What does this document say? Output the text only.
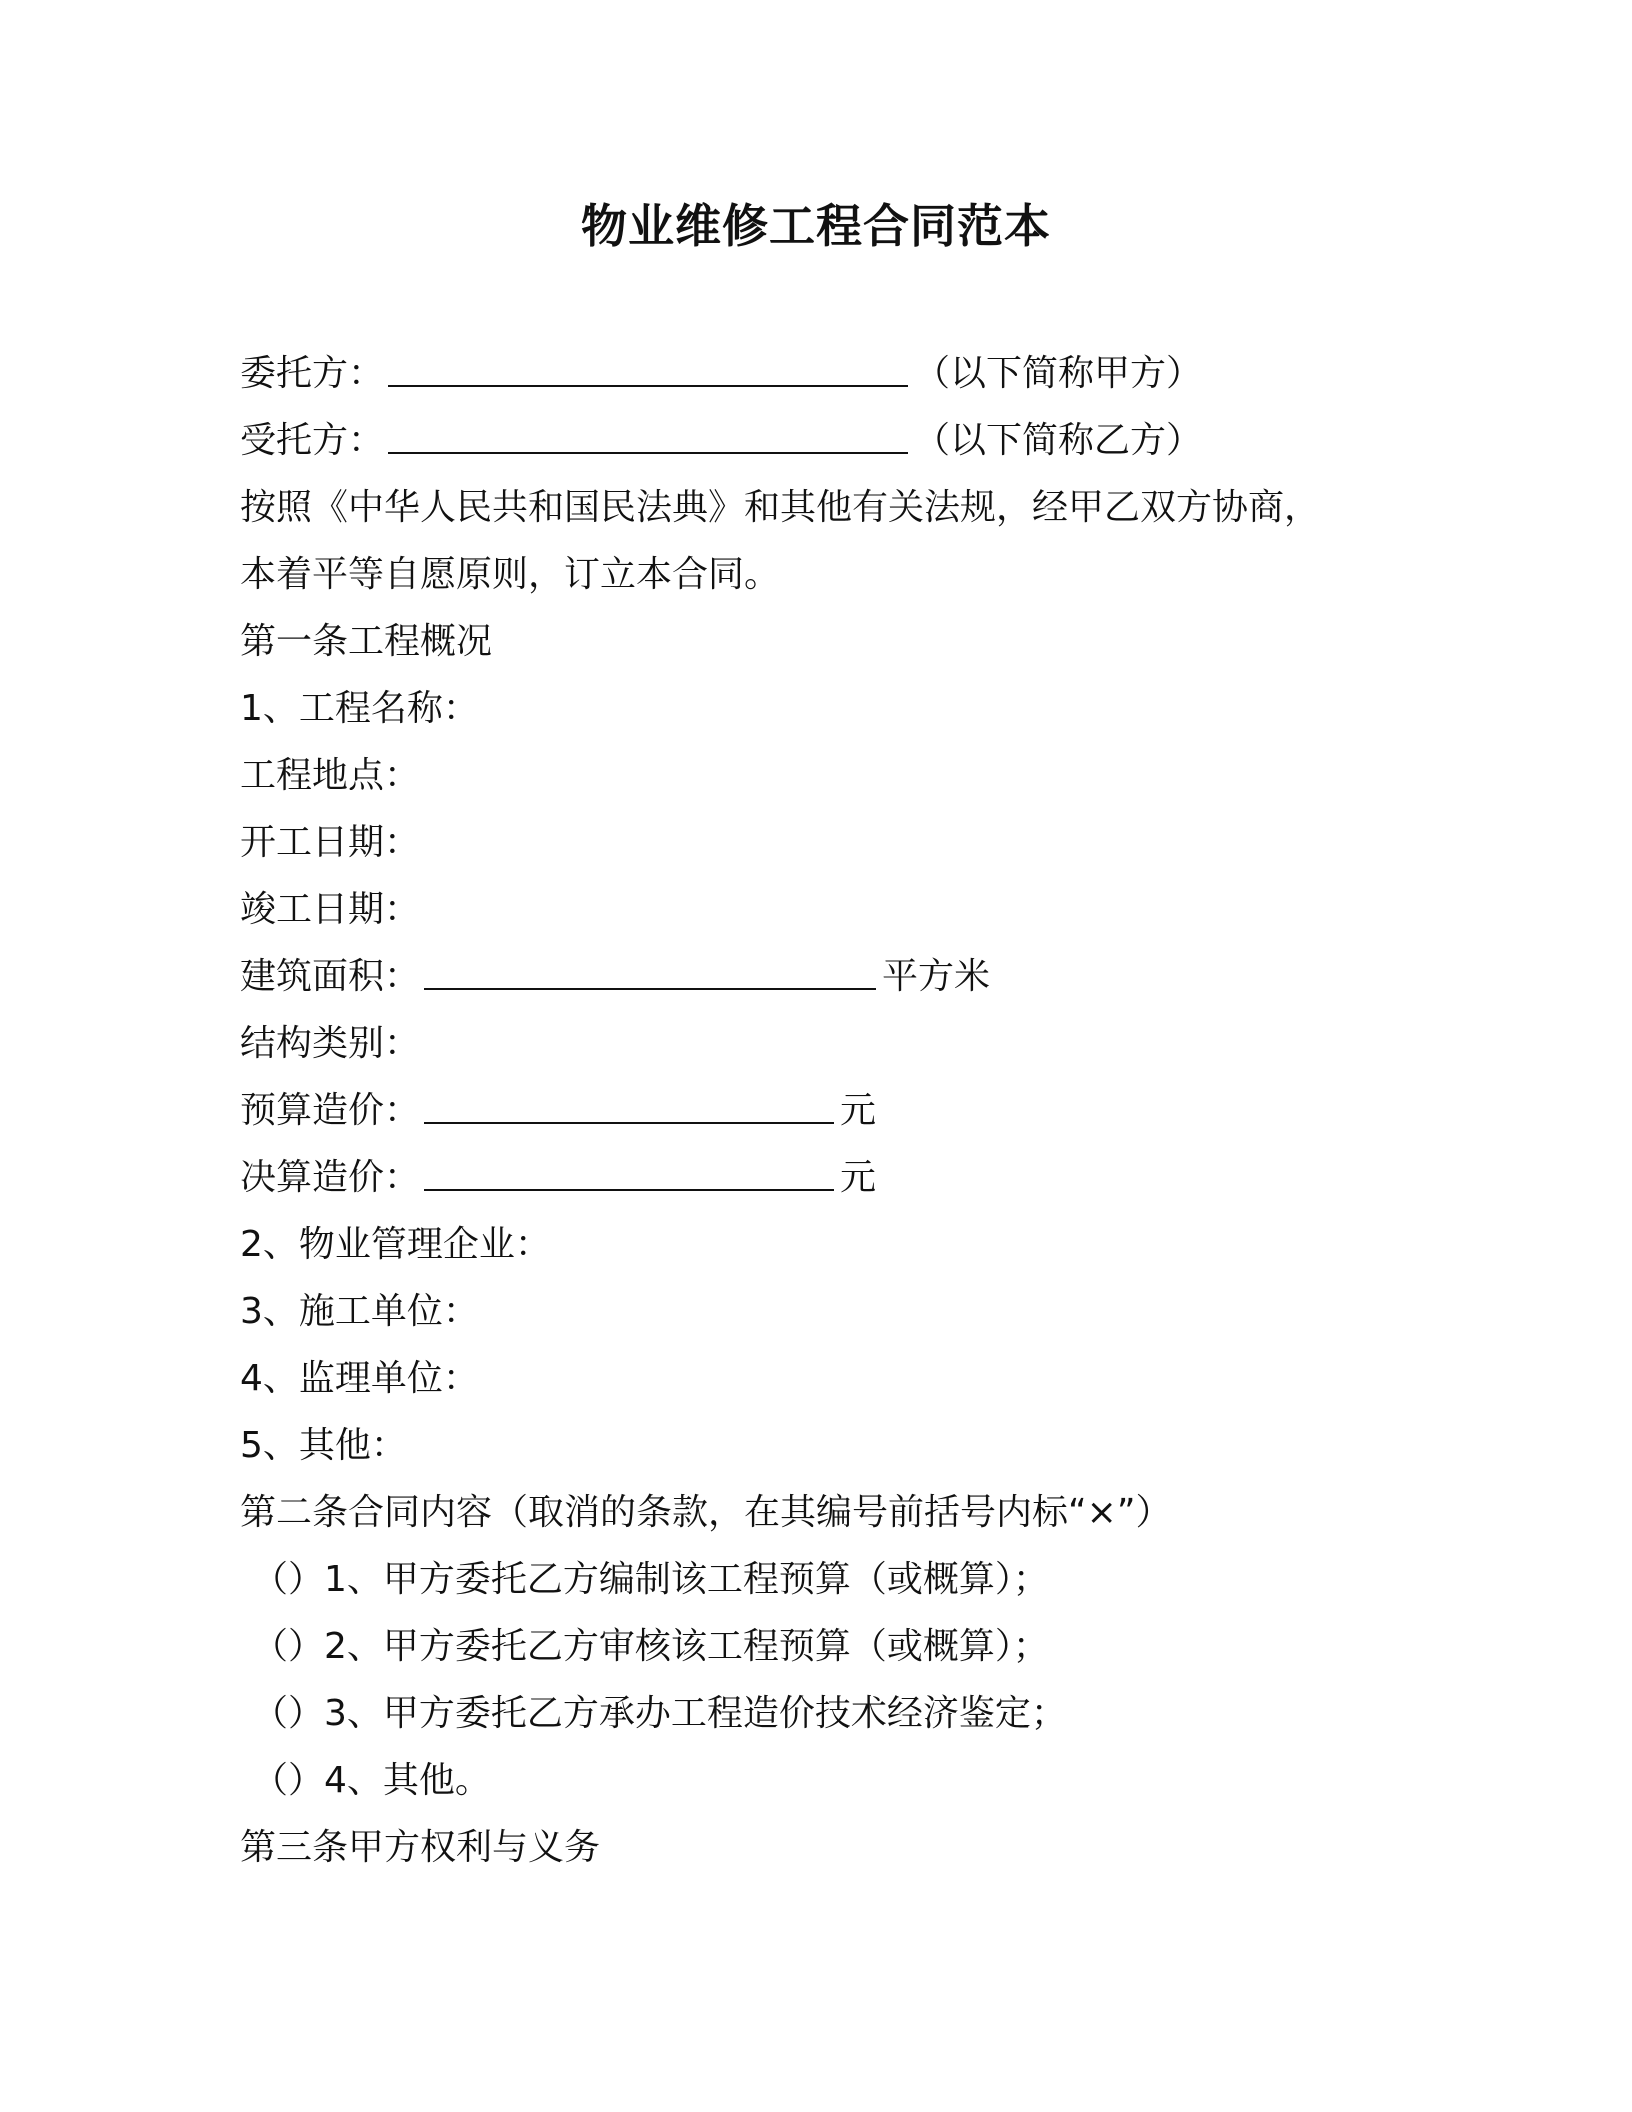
物业维修工程合同范本
委托方：	（以下简称甲方）
受托方：	（以下简称乙方）
按照《中华人民共和国民法典》和其他有关法规，经甲乙双方协商，
本着平等自愿原则，订立本合同。
第一条工程概况
1、工程名称：
工程地点：
开工日期：
竣工日期：
建筑面积：	平方米
结构类别：
预算造价：	元
决算造价：	元
2、物业管理企业：
3、施工单位：
4、监理单位：
5、其他：
第二条合同内容（取消的条款，在其编号前括号内标“×”）
（）1、甲方委托乙方编制该工程预算（或概算）；
（）2、甲方委托乙方审核该工程预算（或概算）；
（）3、甲方委托乙方承办工程造价技术经济鉴定；
（）4、其他。
第三条甲方权利与义务
